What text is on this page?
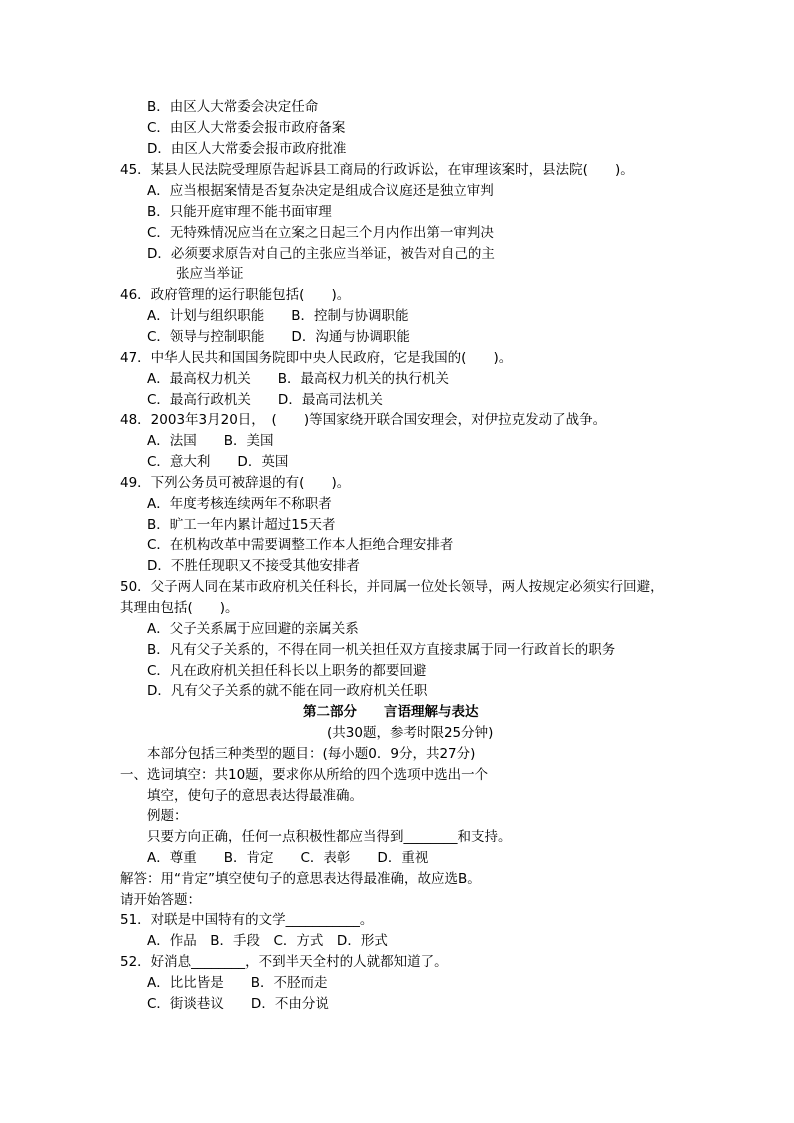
B．由区人大常委会决定任命
C．由区人大常委会报市政府备案
D．由区人大常委会报市政府批准
45．某县人民法院受理原告起诉县工商局的行政诉讼，在审理该案时，县法院(　　)。
A．应当根据案情是否复杂决定是组成合议庭还是独立审判
B．只能开庭审理不能书面审理
C．无特殊情况应当在立案之日起三个月内作出第一审判决
D．必须要求原告对自己的主张应当举证，被告对自己的主
张应当举证
46．政府管理的运行职能包括(　　)。
A．计划与组织职能　　B．控制与协调职能
C．领导与控制职能　　D．沟通与协调职能
47．中华人民共和国国务院即中央人民政府，它是我国的(　　)。
A．最高权力机关　　B．最高权力机关的执行机关
C．最高行政机关　　D．最高司法机关
48．2003年3月20日，　(　　)等国家绕开联合国安理会，对伊拉克发动了战争。
A．法国　　B．美国
C．意大利　　D．英国
49．下列公务员可被辞退的有(　　)。
A．年度考核连续两年不称职者
B．旷工一年内累计超过15天者
C．在机构改革中需要调整工作本人拒绝合理安排者
D．不胜任现职又不接受其他安排者
50．父子两人同在某市政府机关任科长，并同属一位处长领导，两人按规定必须实行回避，
其理由包括(　　)。
A．父子关系属于应回避的亲属关系
B．凡有父子关系的，不得在同一机关担任双方直接隶属于同一行政首长的职务
C．凡在政府机关担任科长以上职务的都要回避
D．凡有父子关系的就不能在同一政府机关任职
第二部分　　言语理解与表达
(共30题，参考时限25分钟)
本部分包括三种类型的题目：(每小题0．9分，共27分)
一、选词填空：共10题，要求你从所给的四个选项中选出一个
填空，使句子的意思表达得最准确。
例题：
只要方向正确，任何一点积极性都应当得到________和支持。
A．尊重　　B．肯定　　C．表彰　　D．重视
解答：用“肯定”填空使句子的意思表达得最准确，故应选B。
请开始答题：
51．对联是中国特有的文学___________。
A．作品　B．手段　C．方式　D．形式
52．好消息________，不到半天全村的人就都知道了。
A．比比皆是　　B．不胫而走
C．街谈巷议　　D．不由分说
